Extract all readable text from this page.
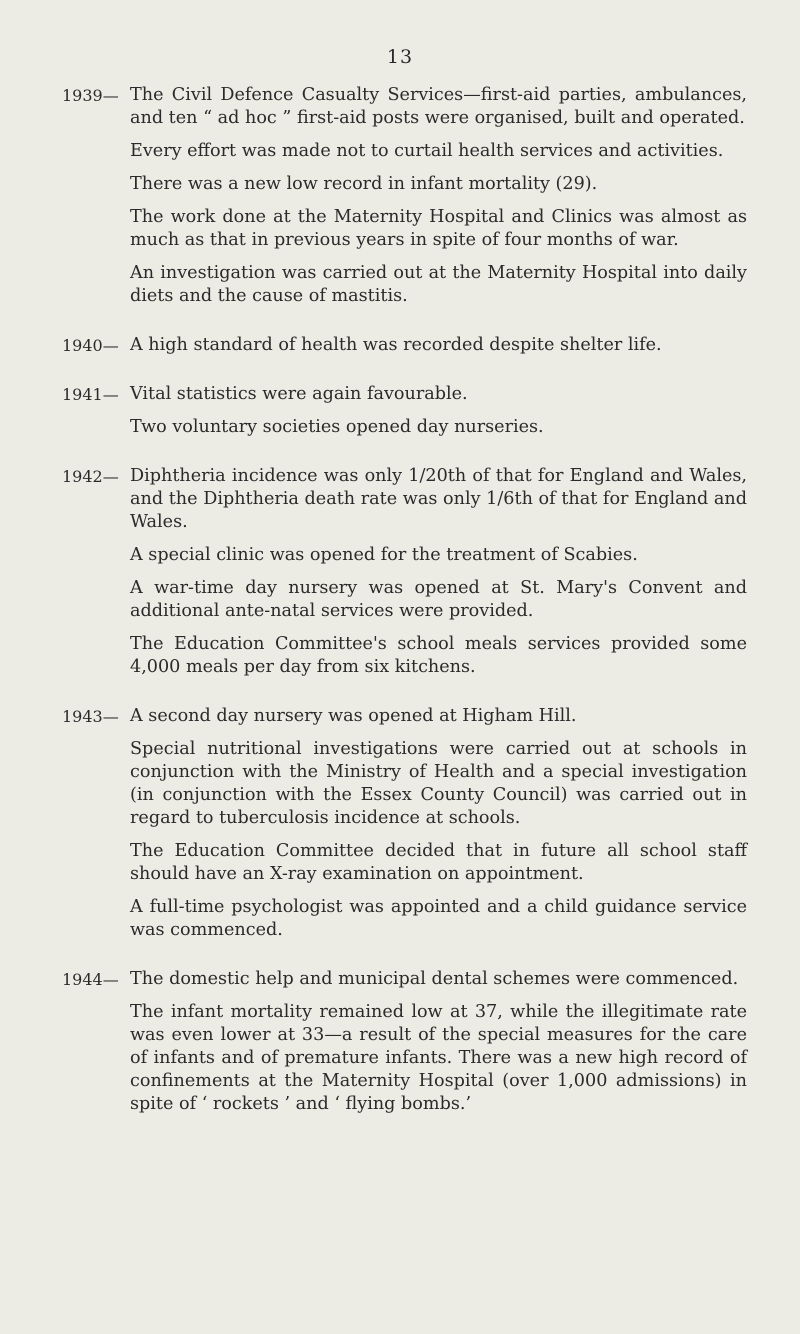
13
1939— The Civil Defence Casualty Services—first-aid parties, ambulances, and ten “ ad hoc ” first-aid posts were organised, built and operated.

Every effort was made not to curtail health services and activities.

There was a new low record in infant mortality (29).

The work done at the Maternity Hospital and Clinics was almost as much as that in previous years in spite of four months of war.

An investigation was carried out at the Maternity Hospital into daily diets and the cause of mastitis.

1940— A high standard of health was recorded despite shelter life.

1941— Vital statistics were again favourable.

Two voluntary societies opened day nurseries.

1942— Diphtheria incidence was only 1/20th of that for England and Wales, and the Diphtheria death rate was only 1/6th of that for England and Wales.

A special clinic was opened for the treatment of Scabies.

A war-time day nursery was opened at St. Mary's Convent and additional ante-natal services were provided.

The Education Committee's school meals services provided some 4,000 meals per day from six kitchens.

1943— A second day nursery was opened at Higham Hill.

Special nutritional investigations were carried out at schools in conjunction with the Ministry of Health and a special investigation (in conjunction with the Essex County Council) was carried out in regard to tuberculosis incidence at schools.

The Education Committee decided that in future all school staff should have an X-ray examination on appointment.

A full-time psychologist was appointed and a child guidance service was commenced.

1944— The domestic help and municipal dental schemes were commenced.

The infant mortality remained low at 37, while the illegitimate rate was even lower at 33—a result of the special measures for the care of infants and of premature infants. There was a new high record of confinements at the Maternity Hospital (over 1,000 admissions) in spite of ‘ rockets ’ and ‘ flying bombs.’
